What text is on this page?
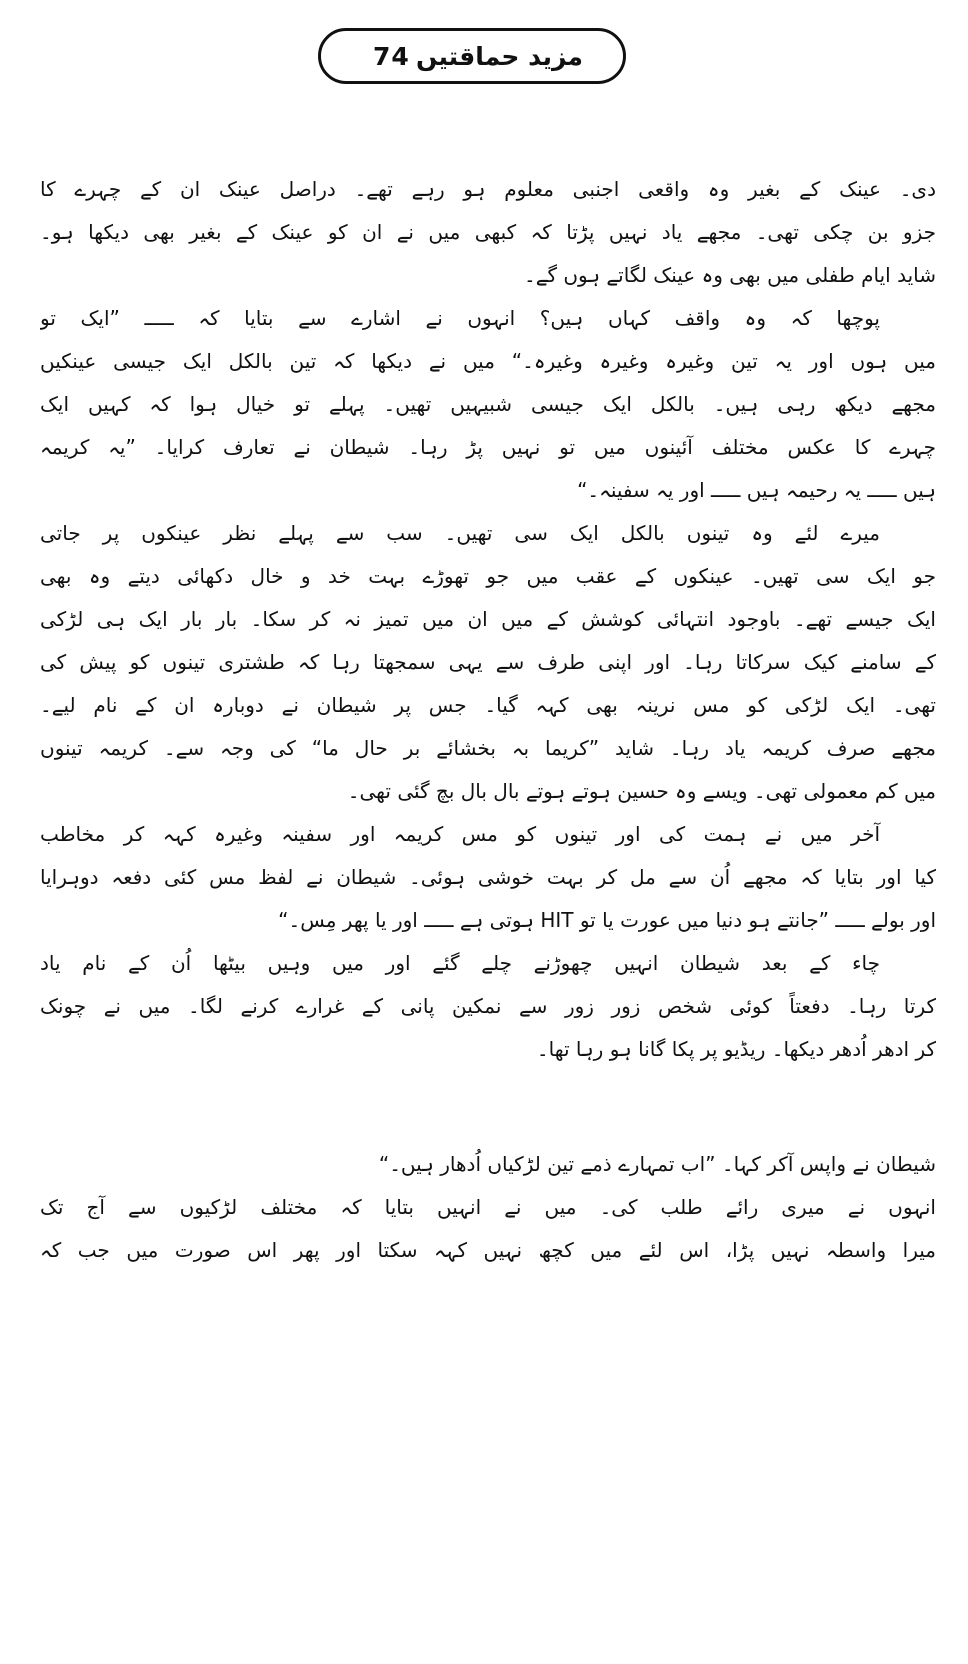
74 مزید حماقتیں
دی۔ عینک کے بغیر وہ واقعی اجنبی معلوم ہو رہے تھے۔ دراصل عینک ان کے چہرے کا
جزو بن چکی تھی۔ مجھے یاد نہیں پڑتا کہ کبھی میں نے ان کو عینک کے بغیر بھی دیکھا ہو۔
شاید ایام طفلی میں بھی وہ عینک لگاتے ہوں گے۔
پوچھا کہ وہ واقف کہاں ہیں؟ انہوں نے اشارے سے بتایا کہ ـــــ ”ایک تو
میں ہوں اور یہ تین وغیرہ وغیرہ وغیرہ۔“ میں نے دیکھا کہ تین بالکل ایک جیسی عینکیں
مجھے دیکھ رہی ہیں۔ بالکل ایک جیسی شبیہیں تھیں۔ پہلے تو خیال ہوا کہ کہیں ایک
چہرے کا عکس مختلف آئینوں میں تو نہیں پڑ رہا۔ شیطان نے تعارف کرایا۔ ”یہ کریمہ
ہیں ـــــ یہ رحیمہ ہیں ـــــ اور یہ سفینہ۔“
میرے لئے وہ تینوں بالکل ایک سی تھیں۔ سب سے پہلے نظر عینکوں پر جاتی
جو ایک سی تھیں۔ عینکوں کے عقب میں جو تھوڑے بہت خد و خال دکھائی دیتے وہ بھی
ایک جیسے تھے۔ باوجود انتہائی کوشش کے میں ان میں تمیز نہ کر سکا۔ بار بار ایک ہی لڑکی
کے سامنے کیک سرکاتا رہا۔ اور اپنی طرف سے یہی سمجھتا رہا کہ طشتری تینوں کو پیش کی
تھی۔ ایک لڑکی کو مس نرینہ بھی کہہ گیا۔ جس پر شیطان نے دوبارہ ان کے نام لیے۔
مجھے صرف کریمہ یاد رہا۔ شاید ”کریما بہ بخشائے بر حال ما“ کی وجہ سے۔ کریمہ تینوں
میں کم معمولی تھی۔ ویسے وہ حسین ہوتے ہوتے بال بال بچ گئی تھی۔
آخر میں نے ہمت کی اور تینوں کو مس کریمہ اور سفینہ وغیرہ کہہ کر مخاطب
کیا اور بتایا کہ مجھے اُن سے مل کر بہت خوشی ہوئی۔ شیطان نے لفظ مس کئی دفعہ دوہرایا
اور بولے ـــــ ”جانتے ہو دنیا میں عورت یا تو HIT ہوتی ہے ـــــ اور یا پھر مِس۔“
چاء کے بعد شیطان انہیں چھوڑنے چلے گئے اور میں وہیں بیٹھا اُن کے نام یاد
کرتا رہا۔ دفعتاً کوئی شخص زور زور سے نمکین پانی کے غرارے کرنے لگا۔ میں نے چونک
کر ادھر اُدھر دیکھا۔ ریڈیو پر پکا گانا ہو رہا تھا۔
شیطان نے واپس آکر کہا۔ ”اب تمہارے ذمے تین لڑکیاں اُدھار ہیں۔“
انہوں نے میری رائے طلب کی۔ میں نے انہیں بتایا کہ مختلف لڑکیوں سے آج تک
میرا واسطہ نہیں پڑا، اس لئے میں کچھ نہیں کہہ سکتا اور پھر اس صورت میں جب کہ
